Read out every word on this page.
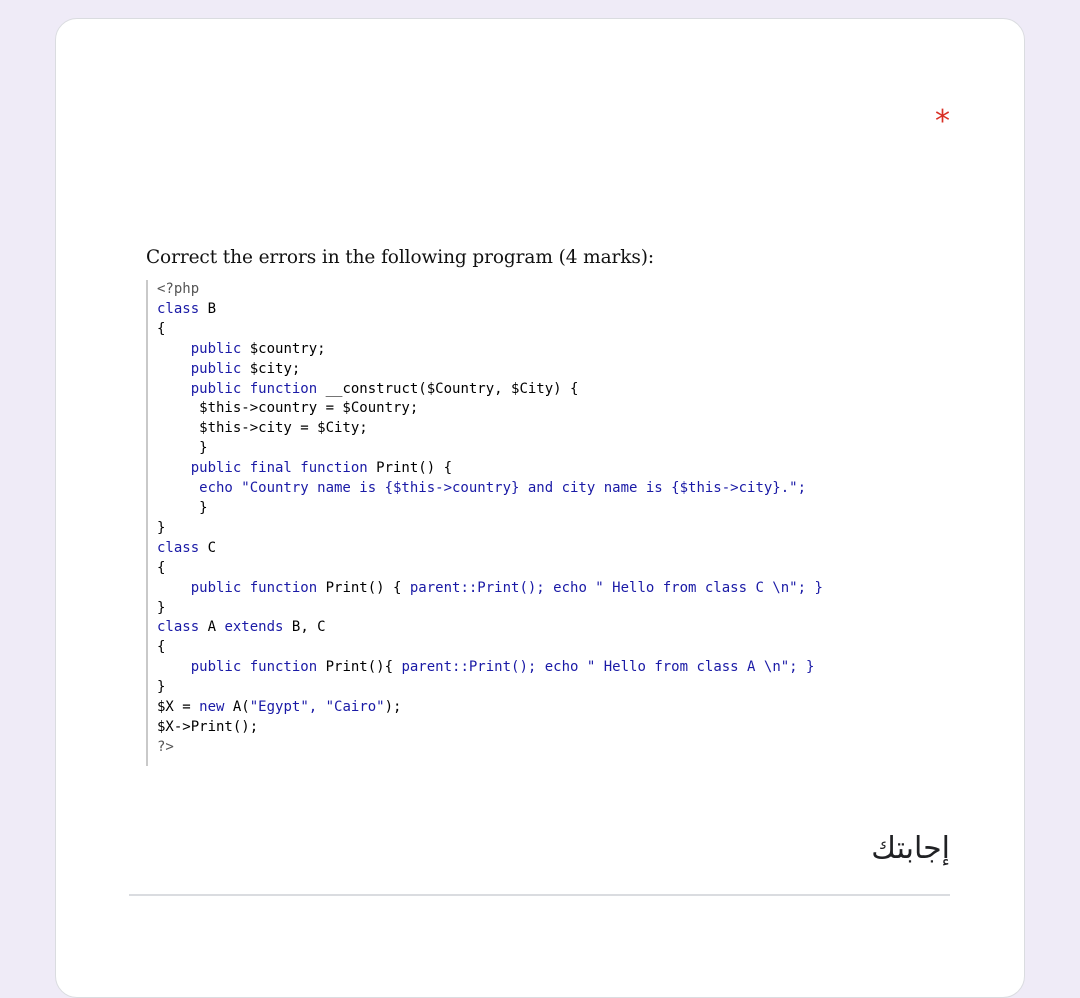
*
Correct the errors in the following program (4 marks):
<?php
class B
{
public $country;
public $city;
public function __construct($Country, $City) {
$this->country = $Country;
$this->city = $City;
}
public final function Print() {
echo "Country name is {$this->country} and city name is {$this->city}.";
}
}
class C
{
public function Print() { parent::Print(); echo " Hello from class C \n"; }
}
class A extends B, C
{
public function Print(){ parent::Print(); echo " Hello from class A \n"; }
}
$X = new A("Egypt", "Cairo");
$X->Print();
?>
إجابتك
